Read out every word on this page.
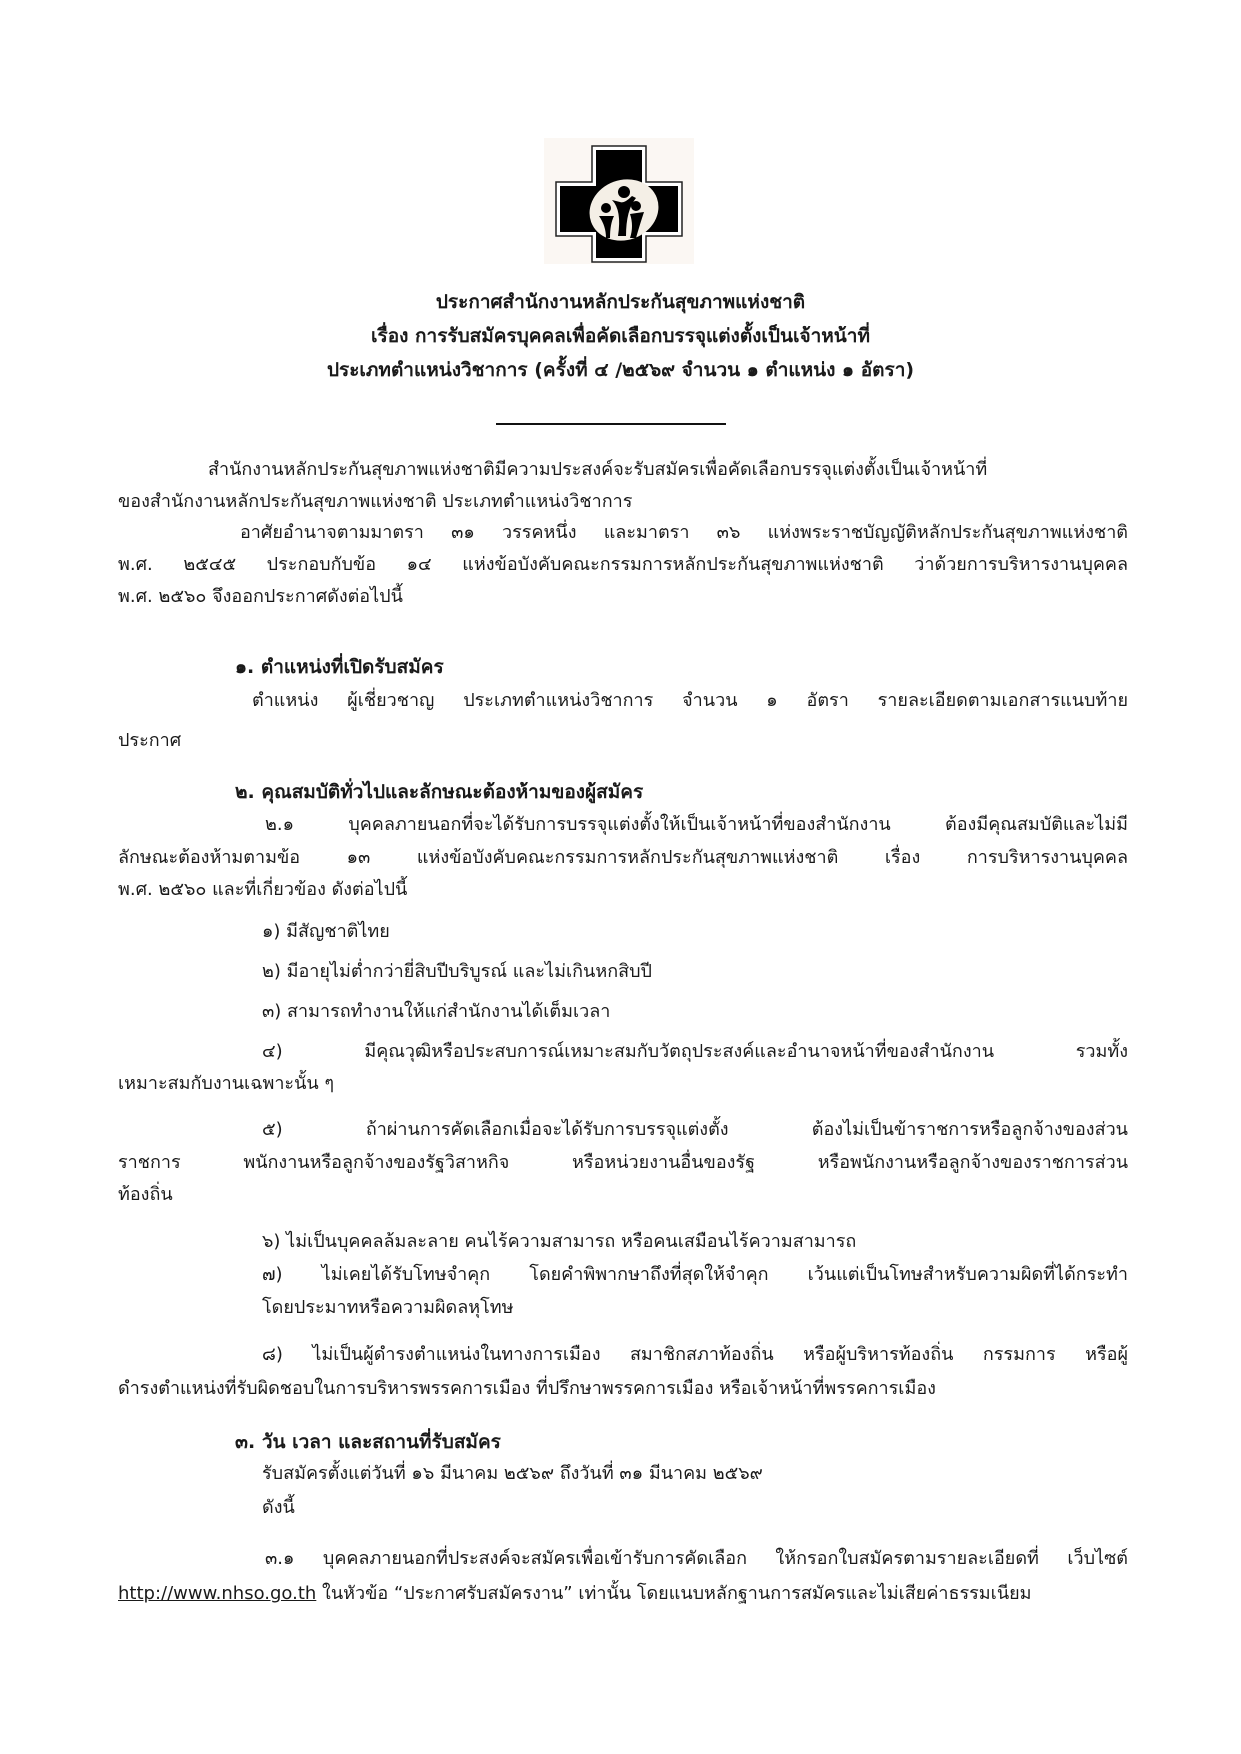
ประกาศสำนักงานหลักประกันสุขภาพแห่งชาติ
เรื่อง การรับสมัครบุคคลเพื่อคัดเลือกบรรจุแต่งตั้งเป็นเจ้าหน้าที่
ประเภทตำแหน่งวิชาการ (ครั้งที่ ๔ /๒๕๖๙ จำนวน ๑ ตำแหน่ง ๑ อัตรา)
สำนักงานหลักประกันสุขภาพแห่งชาติมีความประสงค์จะรับสมัครเพื่อคัดเลือกบรรจุแต่งตั้งเป็นเจ้าหน้าที่
ของสำนักงานหลักประกันสุขภาพแห่งชาติ ประเภทตำแหน่งวิชาการ
อาศัยอำนาจตามมาตรา ๓๑ วรรคหนึ่ง และมาตรา ๓๖ แห่งพระราชบัญญัติหลักประกันสุขภาพแห่งชาติ
พ.ศ. ๒๕๔๕ ประกอบกับข้อ ๑๔ แห่งข้อบังคับคณะกรรมการหลักประกันสุขภาพแห่งชาติ ว่าด้วยการบริหารงานบุคคล
พ.ศ. ๒๕๖๐ จึงออกประกาศดังต่อไปนี้
๑. ตำแหน่งที่เปิดรับสมัคร
ตำแหน่ง ผู้เชี่ยวชาญ ประเภทตำแหน่งวิชาการ จำนวน ๑ อัตรา รายละเอียดตามเอกสารแนบท้าย
ประกาศ
๒. คุณสมบัติทั่วไปและลักษณะต้องห้ามของผู้สมัคร
๒.๑ บุคคลภายนอกที่จะได้รับการบรรจุแต่งตั้งให้เป็นเจ้าหน้าที่ของสำนักงาน ต้องมีคุณสมบัติและไม่มี
ลักษณะต้องห้ามตามข้อ ๑๓ แห่งข้อบังคับคณะกรรมการหลักประกันสุขภาพแห่งชาติ เรื่อง การบริหารงานบุคคล
พ.ศ. ๒๕๖๐ และที่เกี่ยวข้อง ดังต่อไปนี้
๑) มีสัญชาติไทย
๒) มีอายุไม่ต่ำกว่ายี่สิบปีบริบูรณ์ และไม่เกินหกสิบปี
๓) สามารถทำงานให้แก่สำนักงานได้เต็มเวลา
๔) มีคุณวุฒิหรือประสบการณ์เหมาะสมกับวัตถุประสงค์และอำนาจหน้าที่ของสำนักงาน รวมทั้ง
เหมาะสมกับงานเฉพาะนั้น ๆ
๕) ถ้าผ่านการคัดเลือกเมื่อจะได้รับการบรรจุแต่งตั้ง ต้องไม่เป็นข้าราชการหรือลูกจ้างของส่วน
ราชการ พนักงานหรือลูกจ้างของรัฐวิสาหกิจ หรือหน่วยงานอื่นของรัฐ หรือพนักงานหรือลูกจ้างของราชการส่วน
ท้องถิ่น
๖) ไม่เป็นบุคคลล้มละลาย คนไร้ความสามารถ หรือคนเสมือนไร้ความสามารถ
๗) ไม่เคยได้รับโทษจำคุก โดยคำพิพากษาถึงที่สุดให้จำคุก เว้นแต่เป็นโทษสำหรับความผิดที่ได้กระทำ
โดยประมาทหรือความผิดลหุโทษ
๘) ไม่เป็นผู้ดำรงตำแหน่งในทางการเมือง สมาชิกสภาท้องถิ่น หรือผู้บริหารท้องถิ่น กรรมการ หรือผู้
ดำรงตำแหน่งที่รับผิดชอบในการบริหารพรรคการเมือง ที่ปรึกษาพรรคการเมือง หรือเจ้าหน้าที่พรรคการเมือง
๓. วัน เวลา และสถานที่รับสมัคร
รับสมัครตั้งแต่วันที่ ๑๖ มีนาคม ๒๕๖๙ ถึงวันที่ ๓๑ มีนาคม ๒๕๖๙
ดังนี้
๓.๑ บุคคลภายนอกที่ประสงค์จะสมัครเพื่อเข้ารับการคัดเลือก ให้กรอกใบสมัครตามรายละเอียดที่ เว็บไซต์
http://www.nhso.go.th ในหัวข้อ “ประกาศรับสมัครงาน” เท่านั้น โดยแนบหลักฐานการสมัครและไม่เสียค่าธรรมเนียม
